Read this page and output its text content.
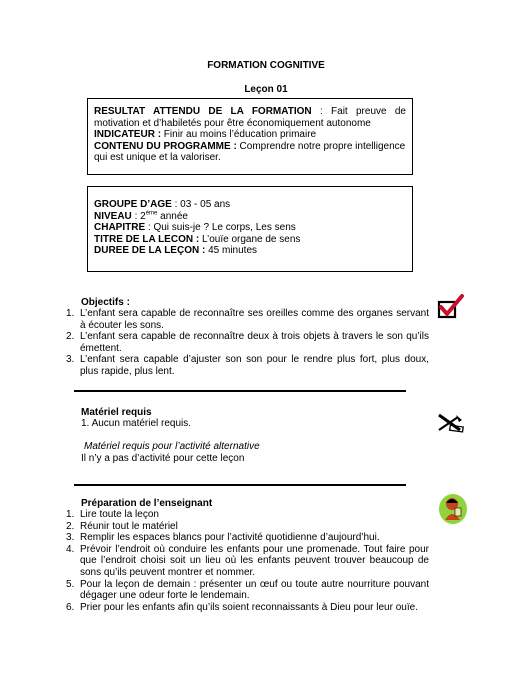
FORMATION COGNITIVE
Leçon 01
RESULTAT ATTENDU DE LA FORMATION : Fait preuve de motivation et d’habiletés pour être économiquement autonome
INDICATEUR : Finir au moins l’éducation primaire
CONTENU DU PROGRAMME : Comprendre notre propre intelligence qui est unique et la valoriser.
GROUPE D’AGE : 03 - 05 ans
NIVEAU : 2ème année
CHAPITRE : Qui suis-je ? Le corps, Les sens
TITRE DE LA LECON : L’ouïe organe de sens
DUREE DE LA LEÇON : 45 minutes
Objectifs :
1. L’enfant sera capable de reconnaître ses oreilles comme des organes servant à écouter les sons.
2. L’enfant sera capable de reconnaître deux à trois objets à travers le son qu’ils émettent.
3. L’enfant sera capable d’ajuster son son pour le rendre plus fort, plus doux, plus rapide, plus lent.
Matériel requis
1. Aucun matériel requis.
Matériel requis pour l’activité alternative
Il n’y a pas d’activité pour cette leçon
Préparation de l’enseignant
1. Lire toute la leçon
2. Réunir tout le matériel
3. Remplir les espaces blancs pour l’activité quotidienne d’aujourd’hui.
4. Prévoir l’endroit où conduire les enfants pour une promenade. Tout faire pour que l’endroit choisi soit un lieu où les enfants peuvent trouver beaucoup de sons qu’ils peuvent montrer et nommer.
5. Pour la leçon de demain : présenter un œuf ou toute autre nourriture pouvant dégager une odeur forte le lendemain.
6. Prier pour les enfants afin qu’ils soient reconnaissants à Dieu pour leur ouïe.
